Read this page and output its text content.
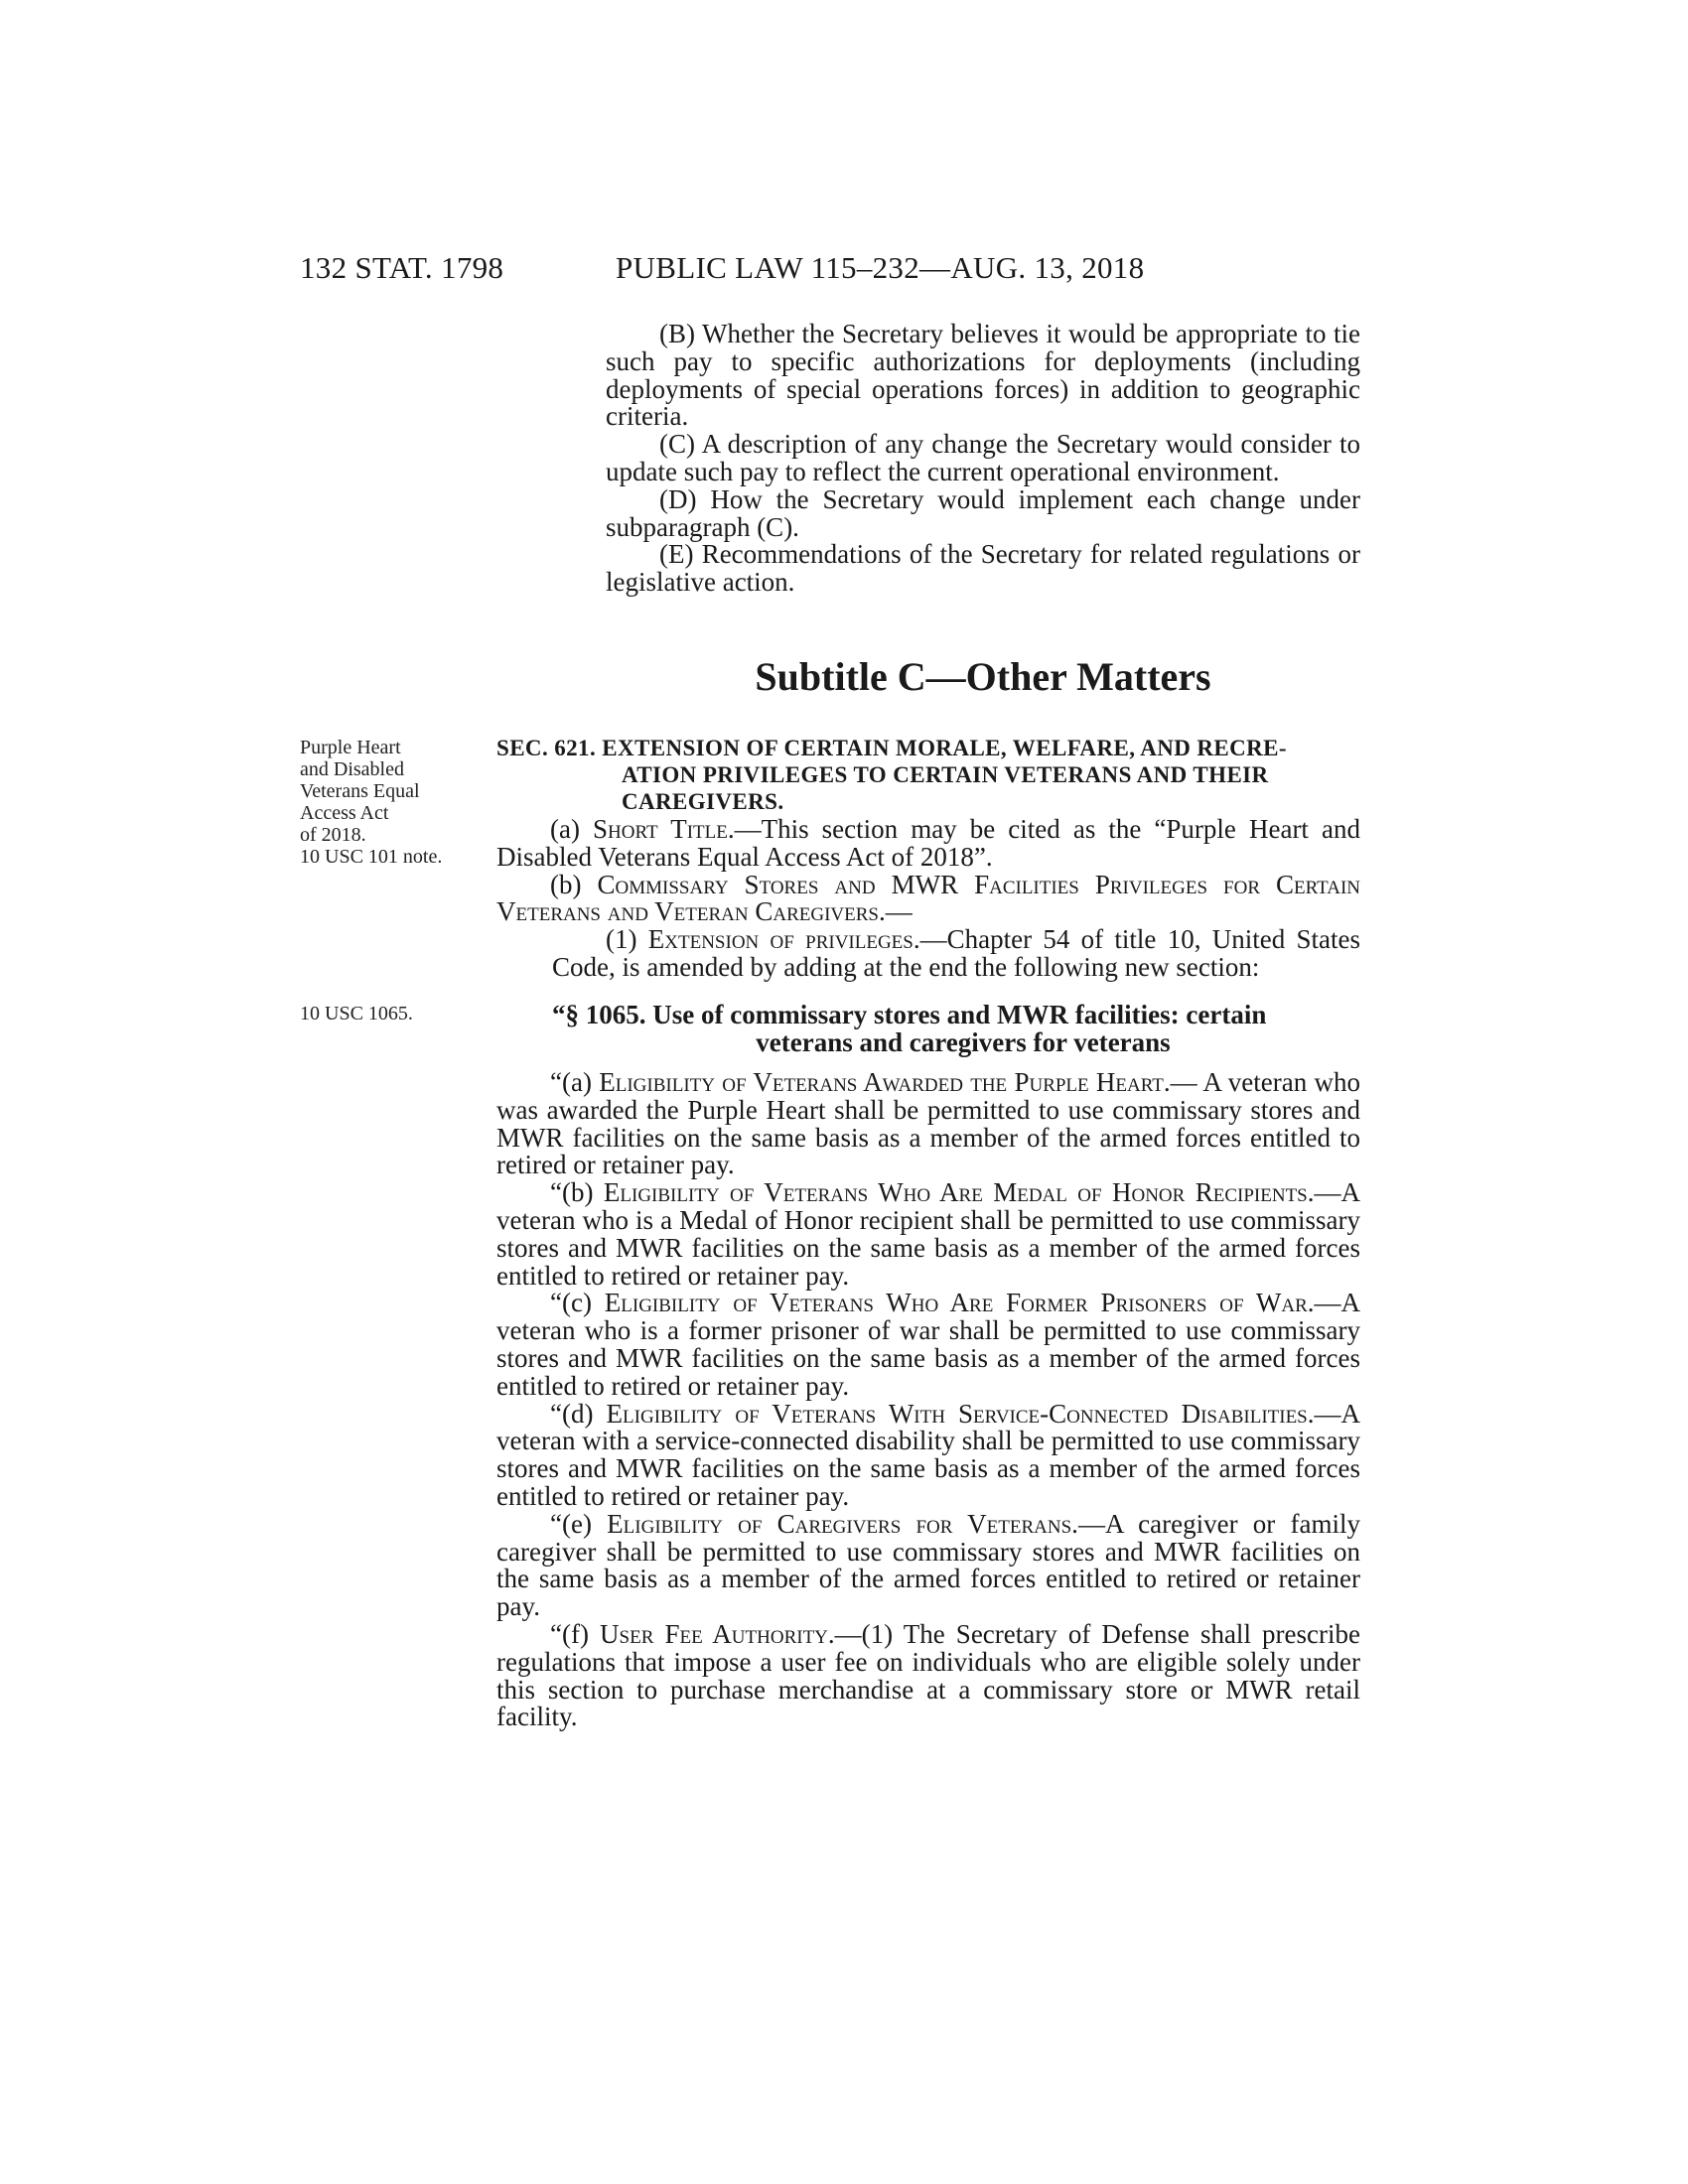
132 STAT. 1798	PUBLIC LAW 115–232—AUG. 13, 2018

(B) Whether the Secretary believes it would be appropriate to tie such pay to specific authorizations for deployments (including deployments of special operations forces) in addition to geographic criteria.

(C) A description of any change the Secretary would consider to update such pay to reflect the current operational environment.

(D) How the Secretary would implement each change under subparagraph (C).

(E) Recommendations of the Secretary for related regulations or legislative action.

Subtitle C—Other Matters
Purple Heart
and Disabled
Veterans Equal
Access Act
of 2018.
10 USC 101 note.
10 USC 1065.
SEC. 621. EXTENSION OF CERTAIN MORALE, WELFARE, AND RECRE-
ATION PRIVILEGES TO CERTAIN VETERANS AND THEIR CAREGIVERS.

(a) Short Title.—This section may be cited as the “Purple Heart and Disabled Veterans Equal Access Act of 2018”.

(b) Commissary Stores and MWR Facilities Privileges for Certain Veterans and Veteran Caregivers.—

(1) Extension of privileges.—Chapter 54 of title 10, United States Code, is amended by adding at the end the following new section:

“§ 1065. Use of commissary stores and MWR facilities: certain
veterans and caregivers for veterans

“(a) Eligibility of Veterans Awarded the Purple Heart.— A veteran who was awarded the Purple Heart shall be permitted to use commissary stores and MWR facilities on the same basis as a member of the armed forces entitled to retired or retainer pay.

“(b) Eligibility of Veterans Who Are Medal of Honor Recipients.—A veteran who is a Medal of Honor recipient shall be permitted to use commissary stores and MWR facilities on the same basis as a member of the armed forces entitled to retired or retainer pay.

“(c) Eligibility of Veterans Who Are Former Prisoners of War.—A veteran who is a former prisoner of war shall be permitted to use commissary stores and MWR facilities on the same basis as a member of the armed forces entitled to retired or retainer pay.

“(d) Eligibility of Veterans With Service-Connected Disabilities.—A veteran with a service-connected disability shall be permitted to use commissary stores and MWR facilities on the same basis as a member of the armed forces entitled to retired or retainer pay.

“(e) Eligibility of Caregivers for Veterans.—A caregiver or family caregiver shall be permitted to use commissary stores and MWR facilities on the same basis as a member of the armed forces entitled to retired or retainer pay.

“(f) User Fee Authority.—(1) The Secretary of Defense shall prescribe regulations that impose a user fee on individuals who are eligible solely under this section to purchase merchandise at a commissary store or MWR retail facility.
